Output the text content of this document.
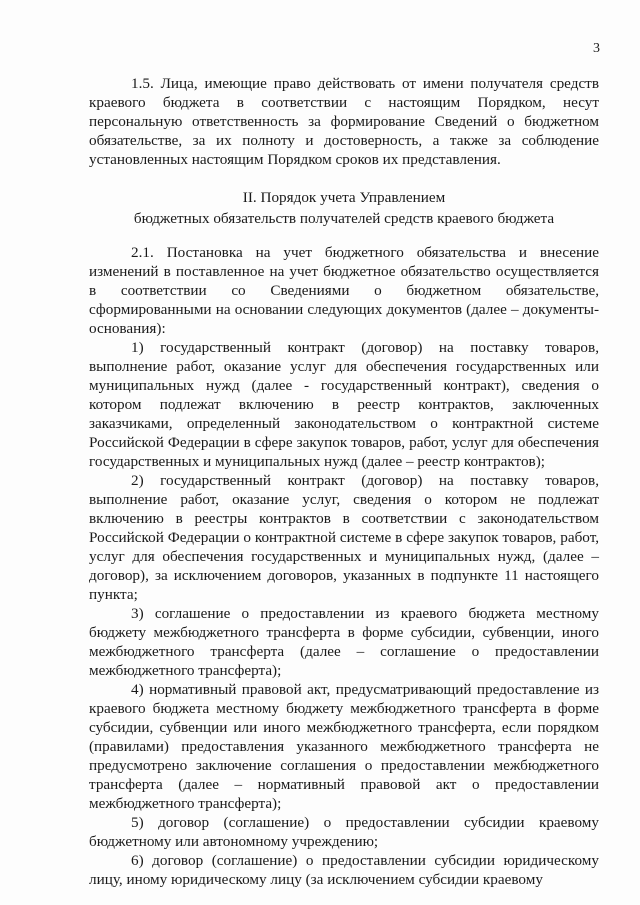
3

1.5. Лица, имеющие право действовать от имени получателя средств краевого бюджета в соответствии с настоящим Порядком, несут персональную ответственность за формирование Сведений о бюджетном обязательстве, за их полноту и достоверность, а также за соблюдение установленных настоящим Порядком сроков их представления.

II. Порядок учета Управлением
бюджетных обязательств получателей средств краевого бюджета

2.1. Постановка на учет бюджетного обязательства и внесение изменений в поставленное на учет бюджетное обязательство осуществляется в соответствии со Сведениями о бюджетном обязательстве, сформированными на основании следующих документов (далее – документы-основания):

1) государственный контракт (договор) на поставку товаров, выполнение работ, оказание услуг для обеспечения государственных или муниципальных нужд (далее - государственный контракт), сведения о котором подлежат включению в реестр контрактов, заключенных заказчиками, определенный законодательством о контрактной системе Российской Федерации в сфере закупок товаров, работ, услуг для обеспечения государственных и муниципальных нужд (далее – реестр контрактов);

2) государственный контракт (договор) на поставку товаров, выполнение работ, оказание услуг, сведения о котором не подлежат включению в реестры контрактов в соответствии с законодательством Российской Федерации о контрактной системе в сфере закупок товаров, работ, услуг для обеспечения государственных и муниципальных нужд, (далее – договор), за исключением договоров, указанных в подпункте 11 настоящего пункта;

3) соглашение о предоставлении из краевого бюджета местному бюджету межбюджетного трансферта в форме субсидии, субвенции, иного межбюджетного трансферта (далее – соглашение о предоставлении межбюджетного трансферта);

4) нормативный правовой акт, предусматривающий предоставление из краевого бюджета местному бюджету межбюджетного трансферта в форме субсидии, субвенции или иного межбюджетного трансферта, если порядком (правилами) предоставления указанного межбюджетного трансферта не предусмотрено заключение соглашения о предоставлении межбюджетного трансферта (далее – нормативный правовой акт о предоставлении межбюджетного трансферта);

5) договор (соглашение) о предоставлении субсидии краевому бюджетному или автономному учреждению;

6) договор (соглашение) о предоставлении субсидии юридическому лицу, иному юридическому лицу (за исключением субсидии краевому
